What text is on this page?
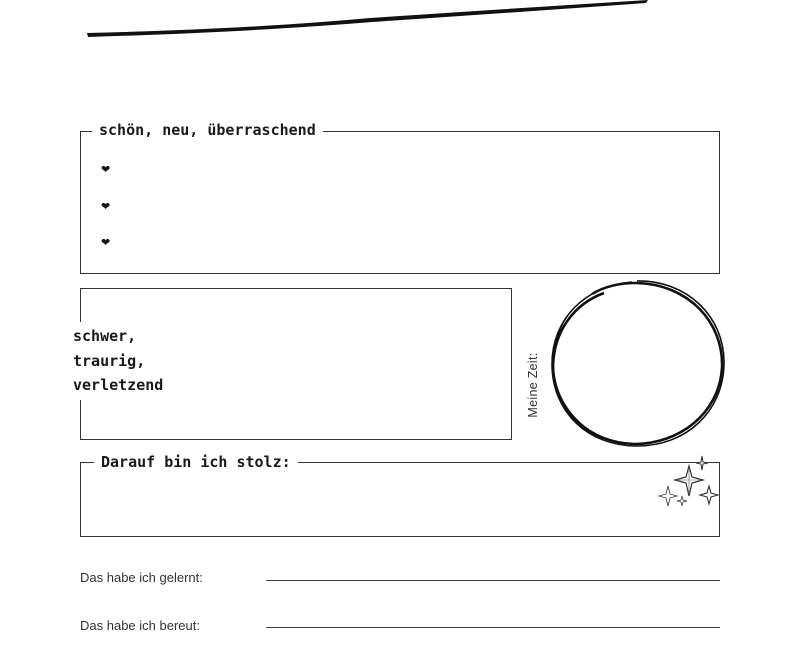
schön, neu, überraschend
❤
❤
❤
schwer,
traurig,
verletzend	Meine Zeit:
Darauf bin ich stolz:
Das habe ich gelernt:
Das habe ich bereut:
